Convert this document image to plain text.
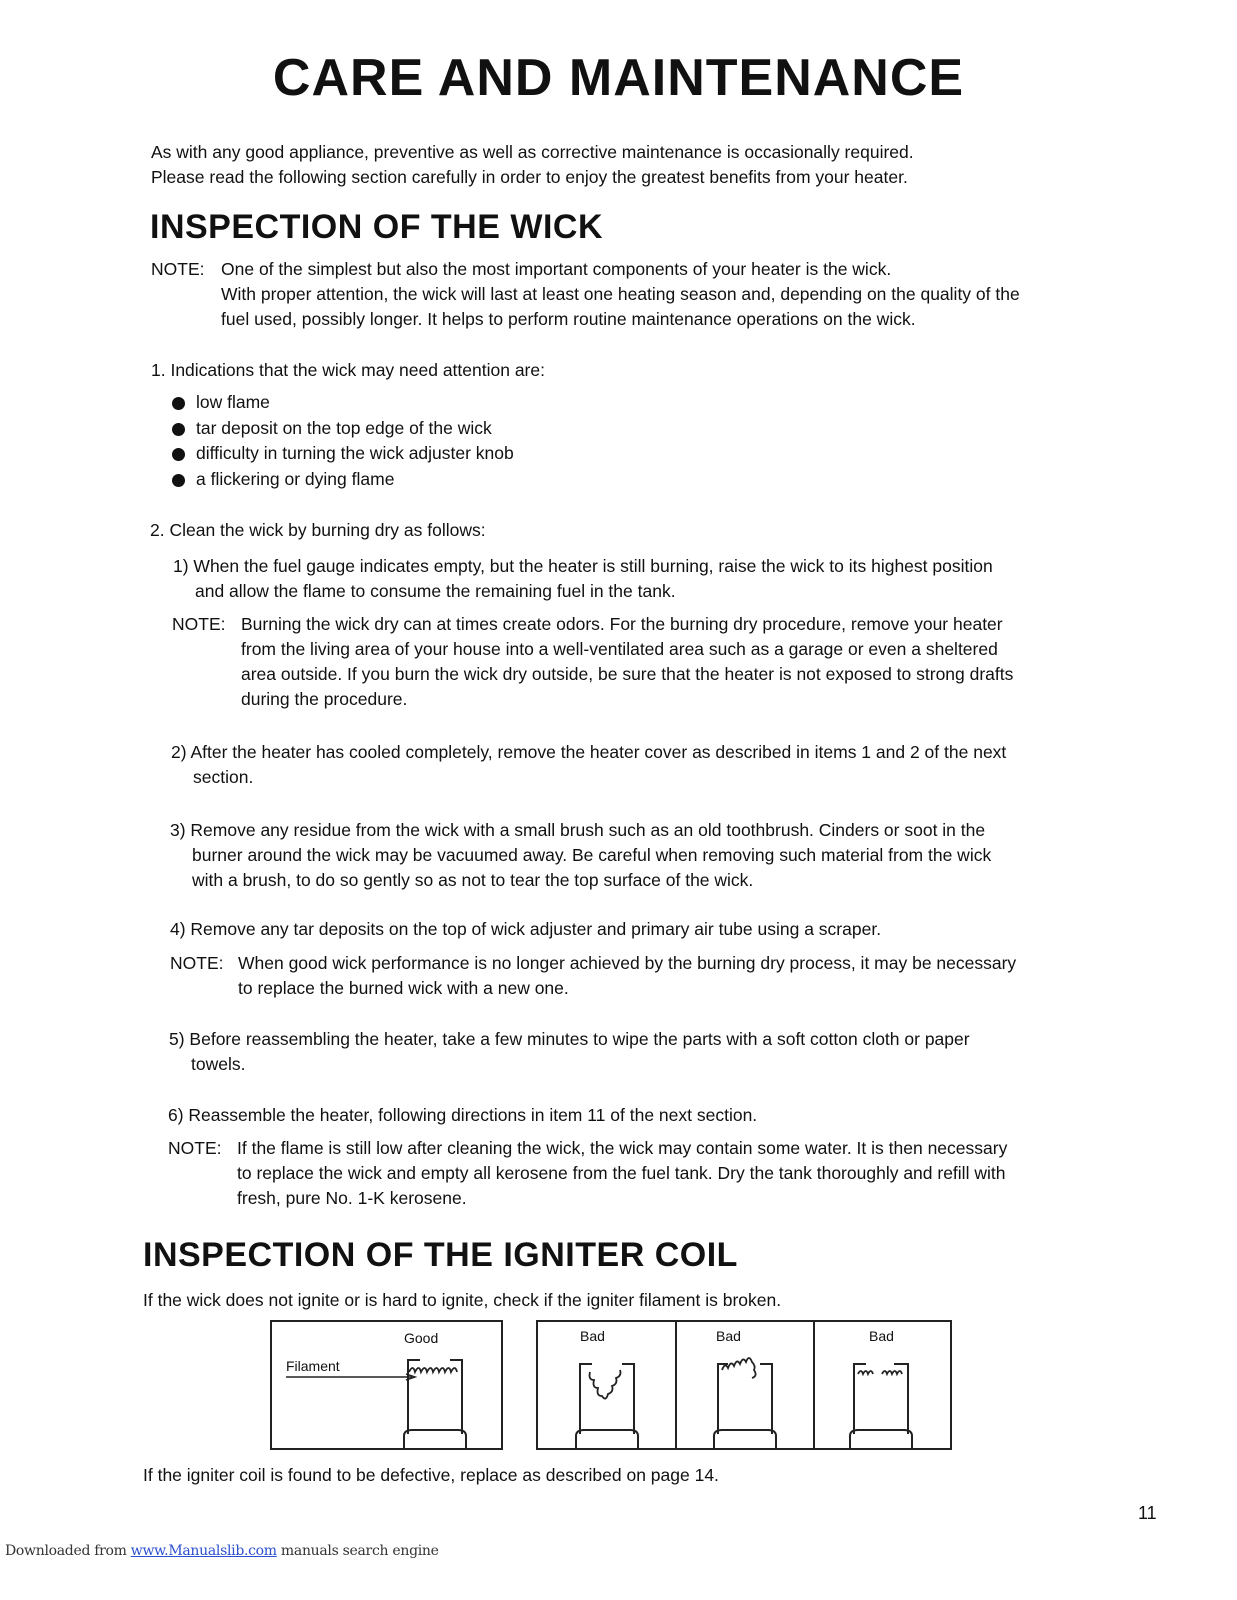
CARE AND MAINTENANCE

As with any good appliance, preventive as well as corrective maintenance is occasionally required.

Please read the following section carefully in order to enjoy the greatest benefits from your heater.

INSPECTION OF THE WICK
NOTE: One of the simplest but also the most important components of your heater is the wick.
With proper attention, the wick will last at least one heating season and, depending on the quality of the
fuel used, possibly longer. It helps to perform routine maintenance operations on the wick.

1. Indications that the wick may need attention are:

low flame
tar deposit on the top edge of the wick
difficulty in turning the wick adjuster knob
a flickering or dying flame

2. Clean the wick by burning dry as follows:

1) When the fuel gauge indicates empty, but the heater is still burning, raise the wick to its highest position

and allow the flame to consume the remaining fuel in the tank.

NOTE: Burning the wick dry can at times create odors. For the burning dry procedure, remove your heater
from the living area of your house into a well-ventilated area such as a garage or even a sheltered
area outside. If you burn the wick dry outside, be sure that the heater is not exposed to strong drafts
during the procedure.

2) After the heater has cooled completely, remove the heater cover as described in items 1 and 2 of the next

section.

3) Remove any residue from the wick with a small brush such as an old toothbrush. Cinders or soot in the

burner around the wick may be vacuumed away. Be careful when removing such material from the wick

with a brush, to do so gently so as not to tear the top surface of the wick.

4) Remove any tar deposits on the top of wick adjuster and primary air tube using a scraper.

NOTE: When good wick performance is no longer achieved by the burning dry process, it may be necessary
to replace the burned wick with a new one.

5) Before reassembling the heater, take a few minutes to wipe the parts with a soft cotton cloth or paper

towels.

6) Reassemble the heater, following directions in item 11 of the next section.

NOTE: If the flame is still low after cleaning the wick, the wick may contain some water. It is then necessary
to replace the wick and empty all kerosene from the fuel tank. Dry the tank thoroughly and refill with
fresh, pure No. 1-K kerosene.
INSPECTION OF THE IGNITER COIL

If the wick does not ignite or is hard to ignite, check if the igniter filament is broken.

Good
Filament
Bad	Bad	Bad

If the igniter coil is found to be defective, replace as described on page 14.

11
Downloaded from www.Manualslib.com manuals search engine
